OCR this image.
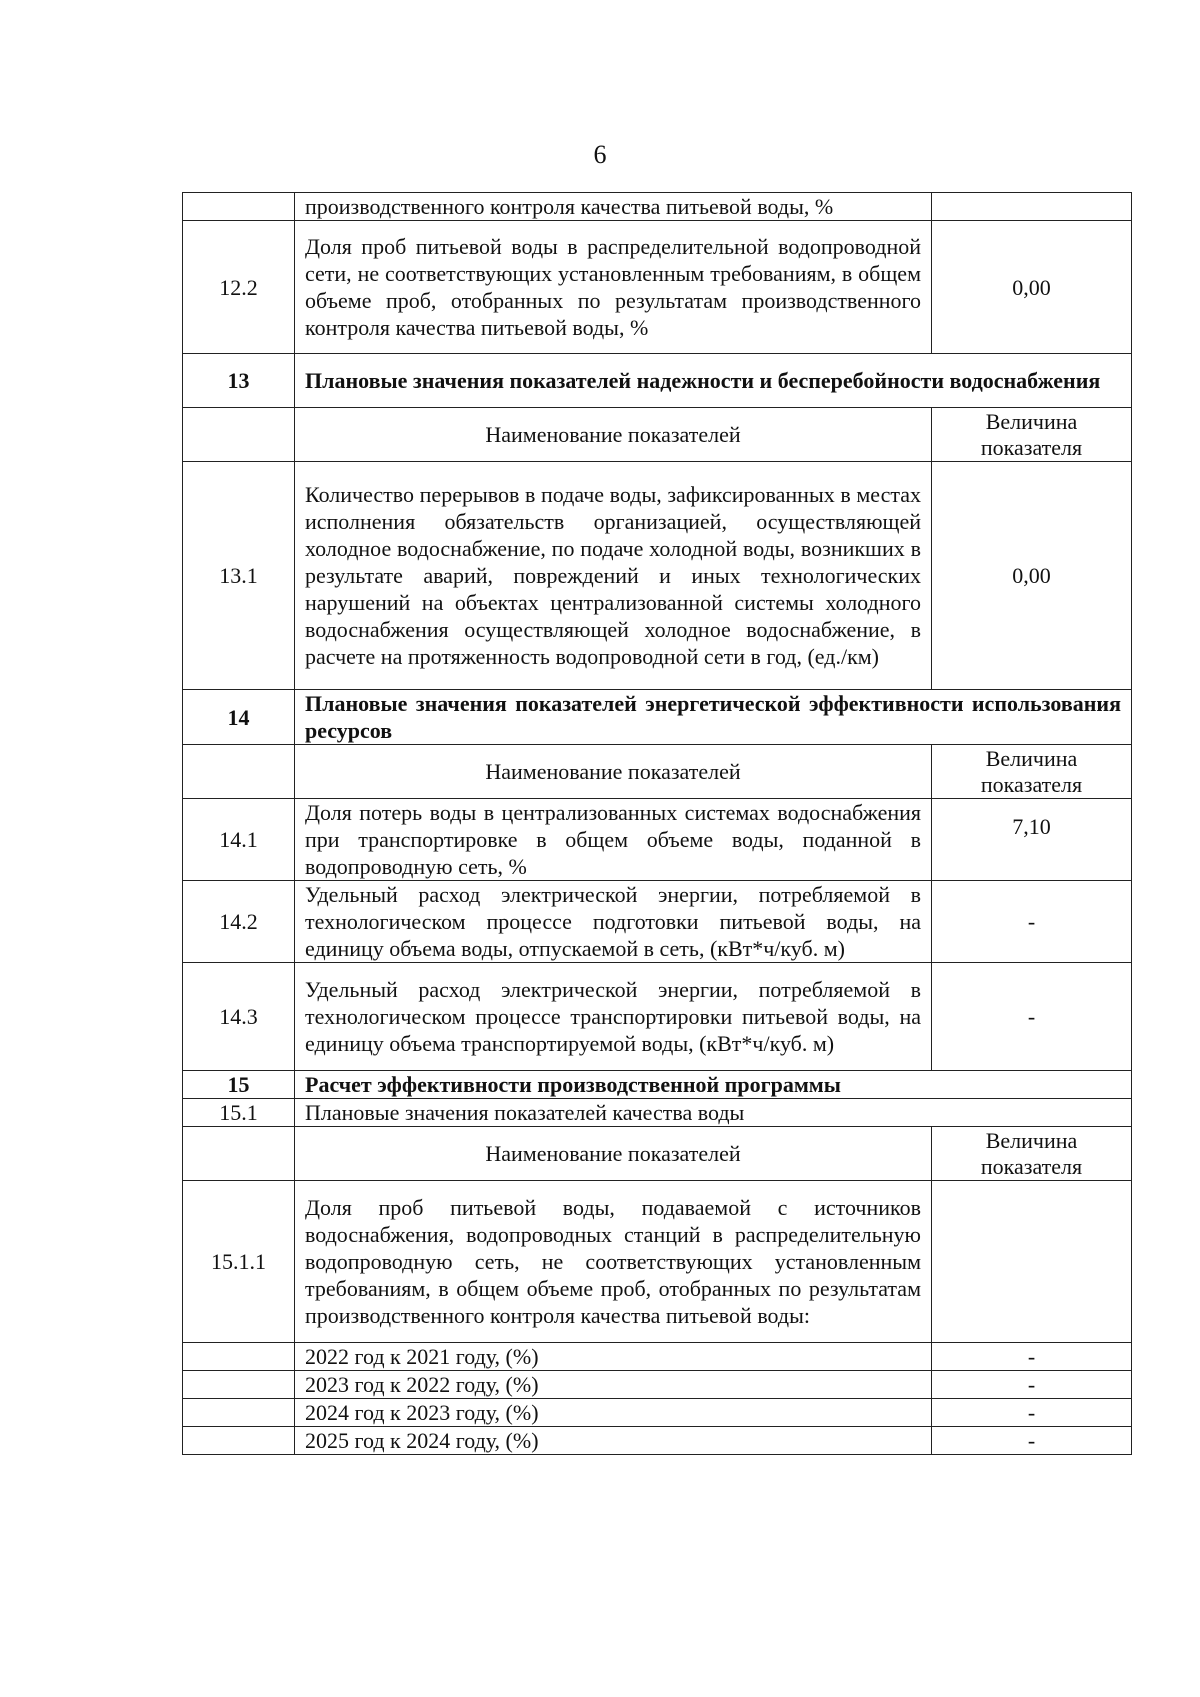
6
	производственного контроля качества питьевой воды, %	
12.2	Доля проб питьевой воды в распределительной водопроводной сети, не соответствующих установленным требованиям, в общем объеме проб, отобранных по результатам производственного контроля качества питьевой воды, %	0,00
13	Плановые значения показателей надежности и бесперебойности водоснабжения	
	Наименование показателей	Величина показателя
13.1	Количество перерывов в подаче воды, зафиксированных в местах исполнения обязательств организацией, осуществляющей холодное водоснабжение, по подаче холодной воды, возникших в результате аварий, повреждений и иных технологических нарушений на объектах централизованной системы холодного водоснабжения осуществляющей холодное водоснабжение, в расчете на протяженность водопроводной сети в год, (ед./км)	0,00
14	Плановые значения показателей энергетической эффективности использования ресурсов	
	Наименование показателей	Величина показателя
14.1	Доля потерь воды в централизованных системах водоснабжения при транспортировке в общем объеме воды, поданной в водопроводную сеть, %	7,10
14.2	Удельный расход электрической энергии, потребляемой в технологическом процессе подготовки питьевой воды, на единицу объема воды, отпускаемой в сеть, (кВт*ч/куб. м)	-
14.3	Удельный расход электрической энергии, потребляемой в технологическом процессе транспортировки питьевой воды, на единицу объема транспортируемой воды, (кВт*ч/куб. м)	-
15	Расчет эффективности производственной программы	
15.1	Плановые значения показателей качества воды	
	Наименование показателей	Величина показателя
15.1.1	Доля проб питьевой воды, подаваемой с источников водоснабжения, водопроводных станций в распределительную водопроводную сеть, не соответствующих установленным требованиям, в общем объеме проб, отобранных по результатам производственного контроля качества питьевой воды:	
	2022 год к 2021 году, (%)	-
	2023 год к 2022 году, (%)	-
	2024 год к 2023 году, (%)	-
	2025 год к 2024 году, (%)	-
